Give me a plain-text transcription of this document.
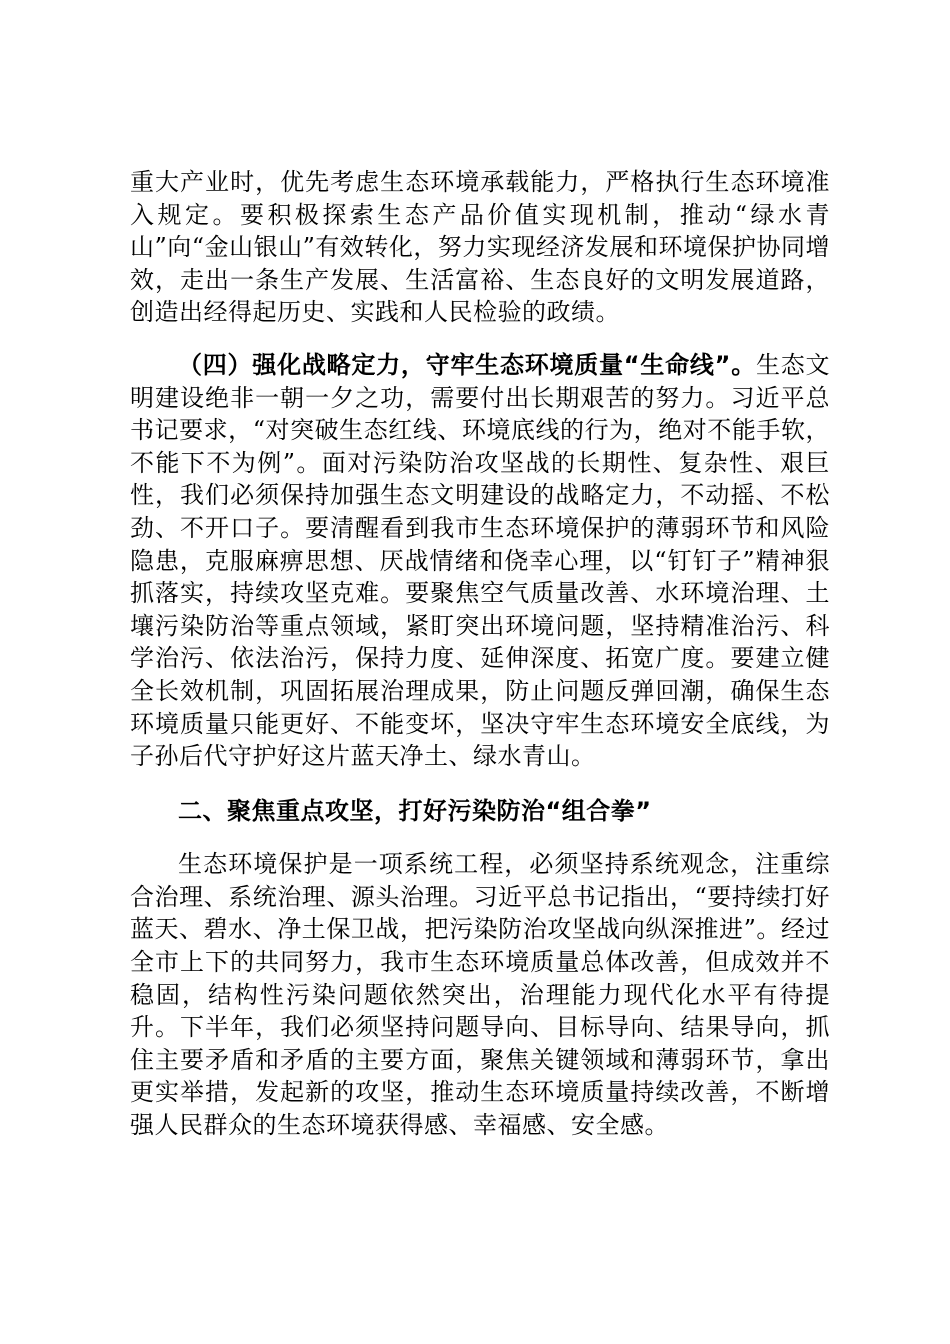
重大产业时，优先考虑生态环境承载能力，严格执行生态环境准入规定。要积极探索生态产品价值实现机制，推动“绿水青山”向“金山银山”有效转化，努力实现经济发展和环境保护协同增效，走出一条生产发展、生活富裕、生态良好的文明发展道路，创造出经得起历史、实践和人民检验的政绩。

（四）强化战略定力，守牢生态环境质量“生命线”。生态文明建设绝非一朝一夕之功，需要付出长期艰苦的努力。习近平总书记要求，“对突破生态红线、环境底线的行为，绝对不能手软，不能下不为例”。面对污染防治攻坚战的长期性、复杂性、艰巨性，我们必须保持加强生态文明建设的战略定力，不动摇、不松劲、不开口子。要清醒看到我市生态环境保护的薄弱环节和风险隐患，克服麻痹思想、厌战情绪和侥幸心理，以“钉钉子”精神狠抓落实，持续攻坚克难。要聚焦空气质量改善、水环境治理、土壤污染防治等重点领域，紧盯突出环境问题，坚持精准治污、科学治污、依法治污，保持力度、延伸深度、拓宽广度。要建立健全长效机制，巩固拓展治理成果，防止问题反弹回潮，确保生态环境质量只能更好、不能变坏，坚决守牢生态环境安全底线，为子孙后代守护好这片蓝天净土、绿水青山。

二、聚焦重点攻坚，打好污染防治“组合拳”

生态环境保护是一项系统工程，必须坚持系统观念，注重综合治理、系统治理、源头治理。习近平总书记指出，“要持续打好蓝天、碧水、净土保卫战，把污染防治攻坚战向纵深推进”。经过全市上下的共同努力，我市生态环境质量总体改善，但成效并不稳固，结构性污染问题依然突出，治理能力现代化水平有待提升。下半年，我们必须坚持问题导向、目标导向、结果导向，抓住主要矛盾和矛盾的主要方面，聚焦关键领域和薄弱环节，拿出更实举措，发起新的攻坚，推动生态环境质量持续改善，不断增强人民群众的生态环境获得感、幸福感、安全感。
